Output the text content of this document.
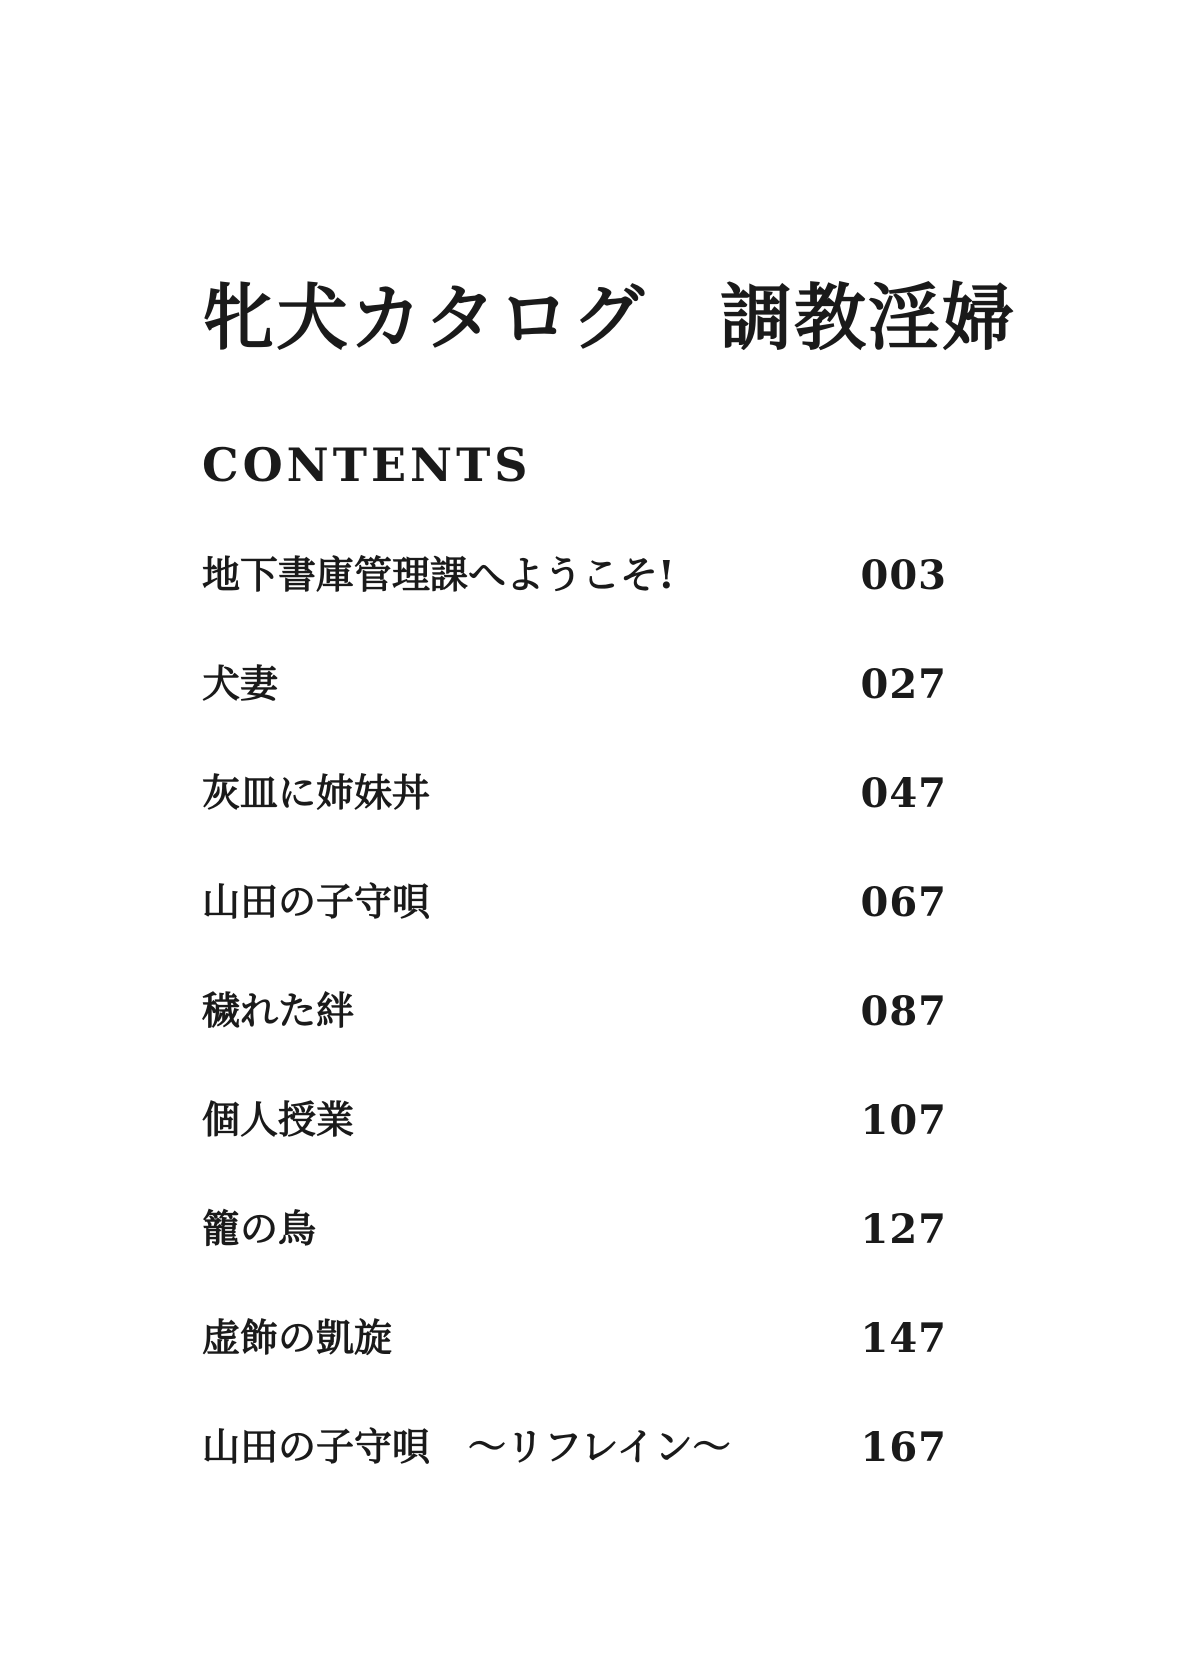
牝犬カタログ　調教淫婦
CONTENTS
地下書庫管理課へようこそ!	003
犬妻	027
灰皿に姉妹丼	047
山田の子守唄	067
穢れた絆	087
個人授業	107
籠の鳥	127
虚飾の凱旋	147
山田の子守唄　～リフレイン～	167
